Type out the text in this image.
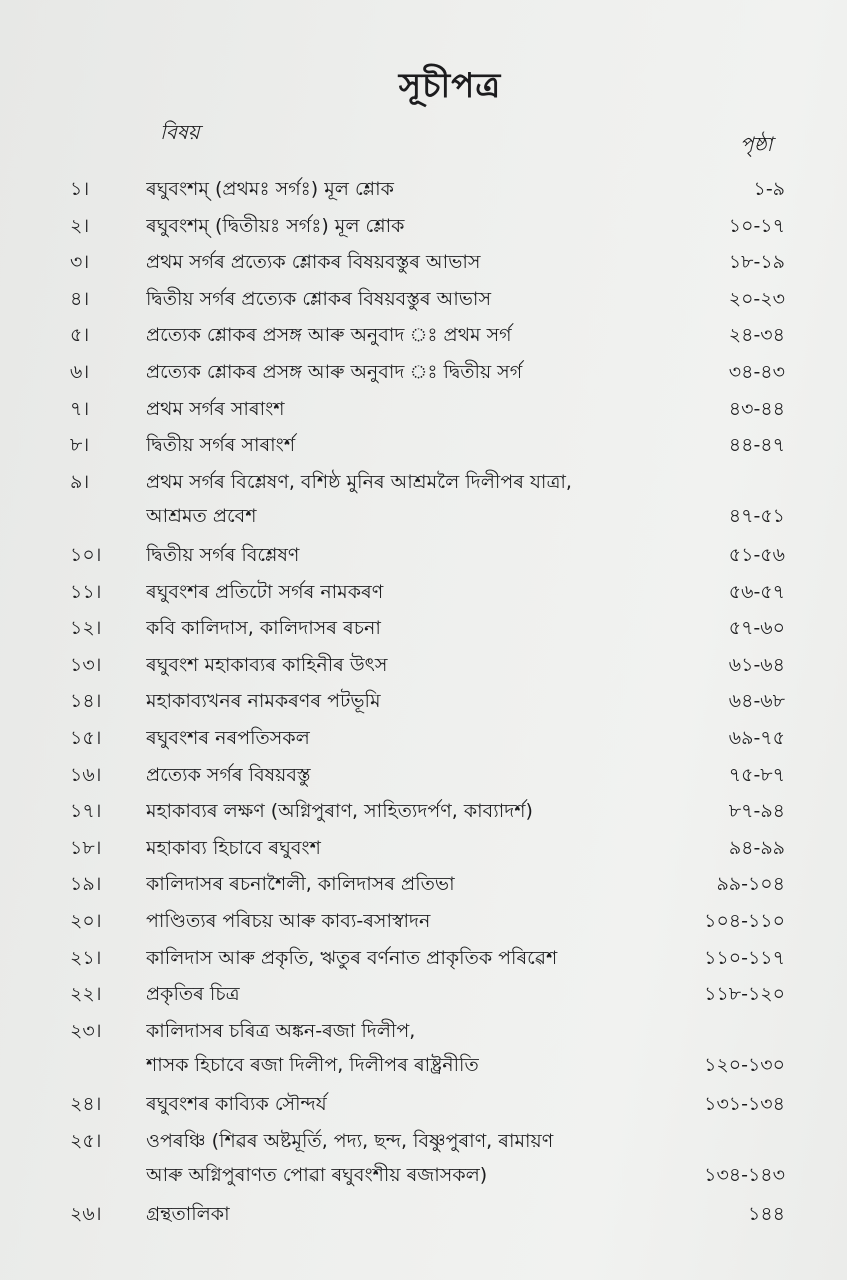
সূচীপত্র
বিষয়	পৃষ্ঠা
১।	ৰঘুবংশম্ (প্ৰথমঃ সৰ্গঃ) মূল শ্লোক	১-৯
২।	ৰঘুবংশম্ (দ্বিতীয়ঃ সৰ্গঃ) মূল শ্লোক	১০-১৭
৩।	প্ৰথম সৰ্গৰ প্ৰত্যেক শ্লোকৰ বিষয়বস্তুৰ আভাস	১৮-১৯
৪।	দ্বিতীয় সৰ্গৰ প্ৰত্যেক শ্লোকৰ বিষয়বস্তুৰ আভাস	২০-২৩
৫।	প্ৰত্যেক শ্লোকৰ প্ৰসঙ্গ আৰু অনুবাদ ঃ প্ৰথম সৰ্গ	২৪-৩৪
৬।	প্ৰত্যেক শ্লোকৰ প্ৰসঙ্গ আৰু অনুবাদ ঃ দ্বিতীয় সৰ্গ	৩৪-৪৩
৭।	প্ৰথম সৰ্গৰ সাৰাংশ	৪৩-৪৪
৮।	দ্বিতীয় সৰ্গৰ সাৰাংৰ্শ	৪৪-৪৭
৯।	প্ৰথম সৰ্গৰ বিশ্লেষণ, বশিষ্ঠ মুনিৰ আশ্ৰমলৈ দিলীপৰ যাত্ৰা,
আশ্ৰমত প্ৰবেশ	৪৭-৫১
১০।	দ্বিতীয় সৰ্গৰ বিশ্লেষণ	৫১-৫৬
১১।	ৰঘুবংশৰ প্ৰতিটো সৰ্গৰ নামকৰণ	৫৬-৫৭
১২।	কবি কালিদাস, কালিদাসৰ ৰচনা	৫৭-৬০
১৩।	ৰঘুবংশ মহাকাব্যৰ কাহিনীৰ উৎস	৬১-৬৪
১৪।	মহাকাব্যখনৰ নামকৰণৰ পটভূমি	৬৪-৬৮
১৫।	ৰঘুবংশৰ নৰপতিসকল	৬৯-৭৫
১৬।	প্ৰত্যেক সৰ্গৰ বিষয়বস্তু	৭৫-৮৭
১৭।	মহাকাব্যৰ লক্ষণ (অগ্নিপুৰাণ, সাহিত্যদৰ্পণ, কাব্যাদৰ্শ)	৮৭-৯৪
১৮।	মহাকাব্য হিচাবে ৰঘুবংশ	৯৪-৯৯
১৯।	কালিদাসৰ ৰচনাশৈলী, কালিদাসৰ প্ৰতিভা	৯৯-১০৪
২০।	পাণ্ডিত্যৰ পৰিচয় আৰু কাব্য-ৰসাস্বাদন	১০৪-১১০
২১।	কালিদাস আৰু প্ৰকৃতি, ঋতুৰ বৰ্ণনাত প্ৰাকৃতিক পৰিৱেশ	১১০-১১৭
২২।	প্ৰকৃতিৰ চিত্ৰ	১১৮-১২০
২৩।	কালিদাসৰ চৰিত্ৰ অঙ্কন-ৰজা দিলীপ,
শাসক হিচাবে ৰজা দিলীপ, দিলীপৰ ৰাষ্ট্ৰনীতি	১২০-১৩০
২৪।	ৰঘুবংশৰ কাব্যিক সৌন্দৰ্য	১৩১-১৩৪
২৫।	ওপৰঞ্চি (শিৱৰ অষ্টমূৰ্তি, পদ্য, ছন্দ, বিষ্ণুপুৰাণ, ৰামায়ণ
আৰু অগ্নিপুৰাণত পোৱা ৰঘুবংশীয় ৰজাসকল)	১৩৪-১৪৩
২৬।	গ্ৰন্থতালিকা	১৪৪
